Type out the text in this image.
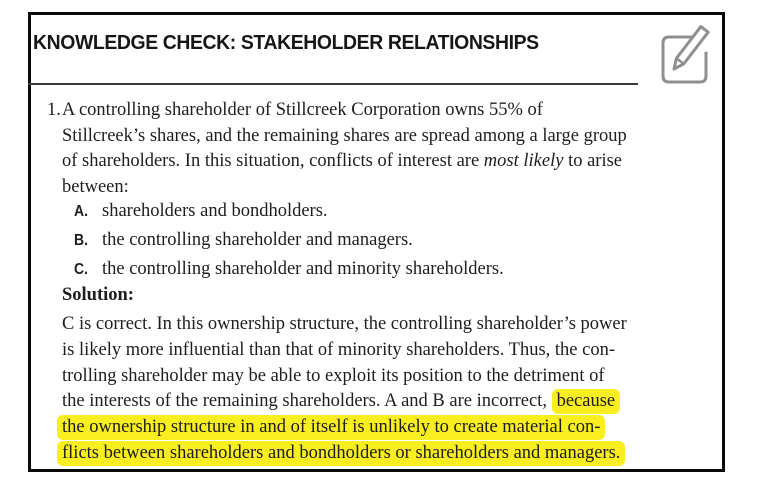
KNOWLEDGE CHECK: STAKEHOLDER RELATIONSHIPS
1. A controlling shareholder of Stillcreek Corporation owns 55% of
Stillcreek’s shares, and the remaining shares are spread among a large group
of shareholders. In this situation, conflicts of interest are most likely to arise
between:
A. shareholders and bondholders.
B. the controlling shareholder and managers.
C. the controlling shareholder and minority shareholders.
Solution:
C is correct. In this ownership structure, the controlling shareholder’s power
is likely more influential than that of minority shareholders. Thus, the con-
trolling shareholder may be able to exploit its position to the detriment of
the interests of the remaining shareholders. A and B are incorrect, because
the ownership structure in and of itself is unlikely to create material con-
flicts between shareholders and bondholders or shareholders and managers.
